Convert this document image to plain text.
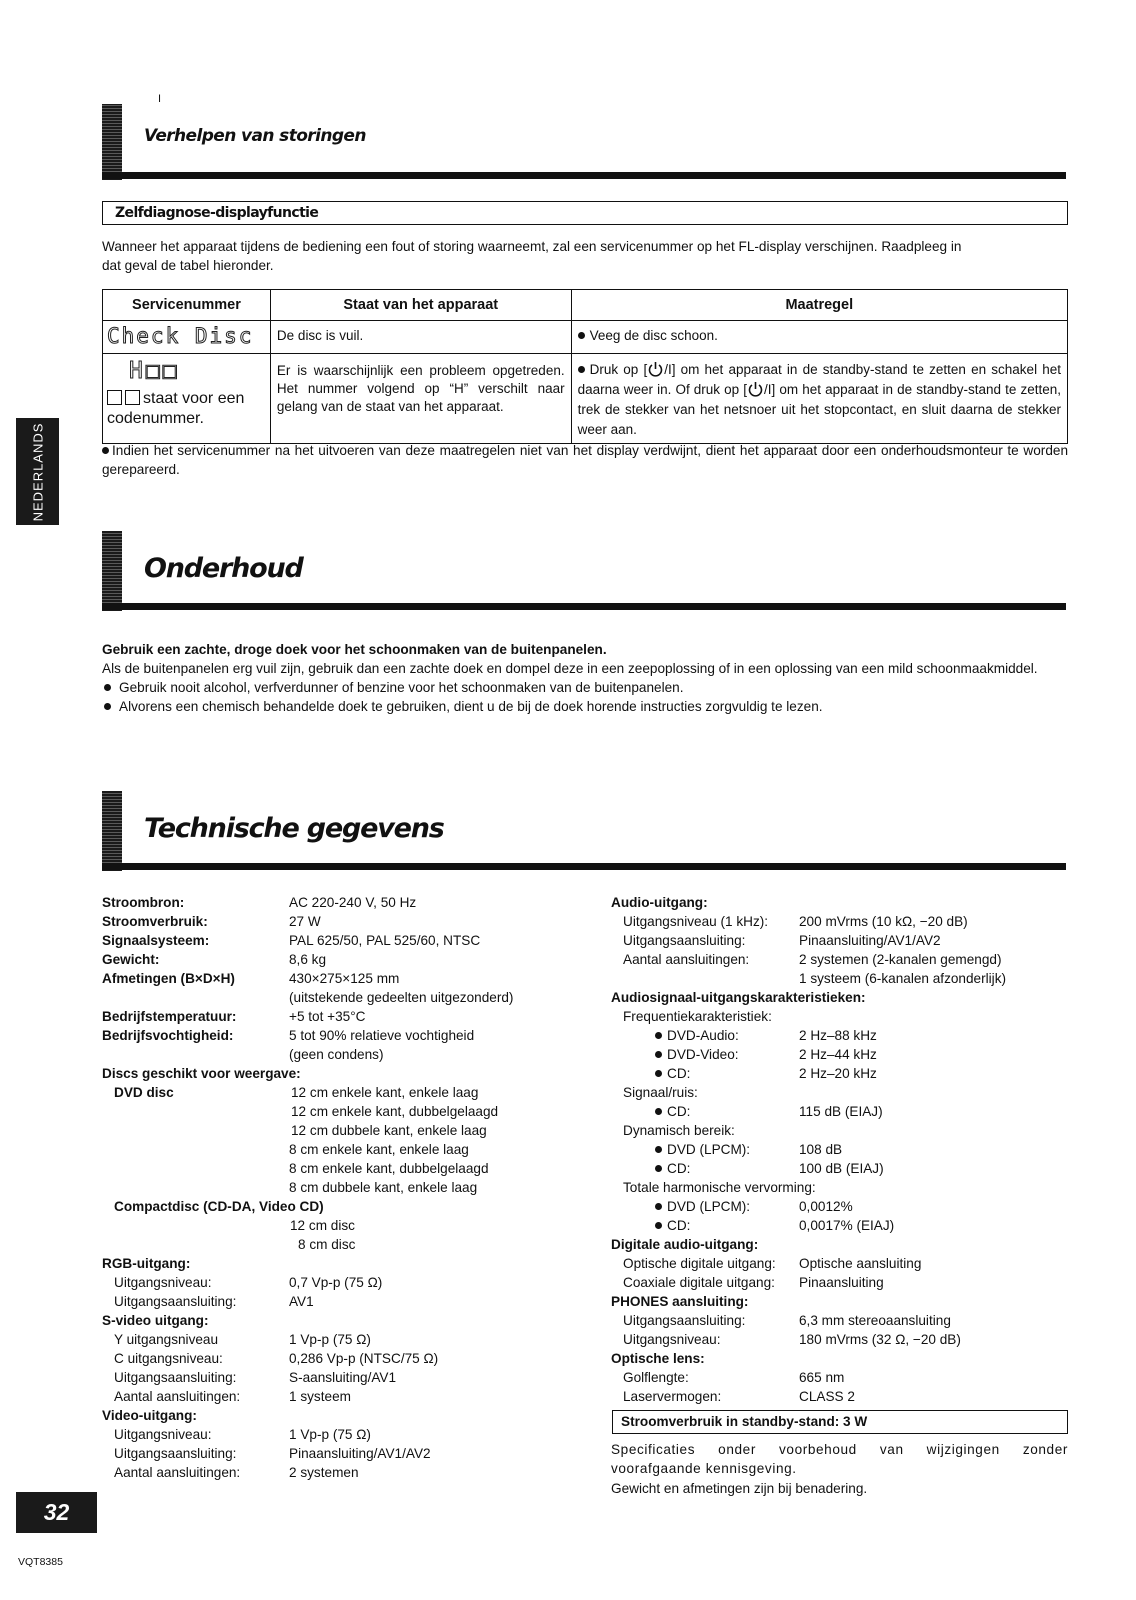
I
Verhelpen van storingen
Zelfdiagnose-displayfunctie

Wanneer het apparaat tijdens de bediening een fout of storing waarneemt, zal een servicenummer op het FL-display verschijnen. Raadpleeg in dat geval de tabel hieronder.

Servicenummer	Staat van het apparaat	Maatregel
Check Disc	De disc is vuil.	Veeg de disc schoon.

H□□
staat voor een codenummer.	Er is waarschijnlijk een probleem opgetreden. Het nummer volgend op “H” verschilt naar gelang van de staat van het apparaat.	Druk op [ /I] om het apparaat in de standby-stand te zetten en schakel het daarna weer in. Of druk op [ /I] om het apparaat in de standby-stand te zetten, trek de stekker van het netsnoer uit het stopcontact, en sluit daarna de stekker weer aan.

Indien het servicenummer na het uitvoeren van deze maatregelen niet van het display verdwijnt, dient het apparaat door een onderhoudsmonteur te worden gerepareerd.

NEDERLANDS
Onderhoud

Gebruik een zachte, droge doek voor het schoonmaken van de buitenpanelen.

Als de buitenpanelen erg vuil zijn, gebruik dan een zachte doek en dompel deze in een zeepoplossing of in een oplossing van een mild schoonmaakmiddel.

Gebruik nooit alcohol, verfverdunner of benzine voor het schoonmaken van de buitenpanelen.

Alvorens een chemisch behandelde doek te gebruiken, dient u de bij de doek horende instructies zorgvuldig te lezen.

Technische gegevens
Stroombron:	AC 220-240 V, 50 Hz
Stroomverbruik:	27 W
Signaalsysteem:	PAL 625/50, PAL 525/60, NTSC
Gewicht:	8,6 kg
Afmetingen (B×D×H)	430×275×125 mm
(uitstekende gedeelten uitgezonderd)
Bedrijfstemperatuur:	+5 tot +35°C
Bedrijfsvochtigheid:	5 tot 90% relatieve vochtigheid
(geen condens)
Discs geschikt voor weergave:
DVD disc	12 cm enkele kant, enkele laag
12 cm enkele kant, dubbelgelaagd
12 cm dubbele kant, enkele laag
8 cm enkele kant, enkele laag
8 cm enkele kant, dubbelgelaagd
8 cm dubbele kant, enkele laag
Compactdisc (CD-DA, Video CD)
12 cm disc
8 cm disc
RGB-uitgang:
Uitgangsniveau:	0,7 Vp-p (75 Ω)
Uitgangsaansluiting:	AV1
S-video uitgang:
Y uitgangsniveau	1 Vp-p (75 Ω)
C uitgangsniveau:	0,286 Vp-p (NTSC/75 Ω)
Uitgangsaansluiting:	S-aansluiting/AV1
Aantal aansluitingen:	1 systeem
Video-uitgang:
Uitgangsniveau:	1 Vp-p (75 Ω)
Uitgangsaansluiting:	Pinaansluiting/AV1/AV2
Aantal aansluitingen:	2 systemen
Audio-uitgang:
Uitgangsniveau (1 kHz): 200 mVrms (10 kΩ, −20 dB)
Uitgangsaansluiting:	Pinaansluiting/AV1/AV2
Aantal aansluitingen:	2 systemen (2-kanalen gemengd)
1 systeem (6-kanalen afzonderlijk)
Audiosignaal-uitgangskarakteristieken:
Frequentiekarakteristiek:
DVD-Audio:	2 Hz–88 kHz
DVD-Video:	2 Hz–44 kHz
CD:	2 Hz–20 kHz
Signaal/ruis:
CD:	115 dB (EIAJ)
Dynamisch bereik:
DVD (LPCM):	108 dB
CD:	100 dB (EIAJ)
Totale harmonische vervorming:
DVD (LPCM):	0,0012%
CD:	0,0017% (EIAJ)
Digitale audio-uitgang:
Optische digitale uitgang: Optische aansluiting
Coaxiale digitale uitgang: Pinaansluiting
PHONES aansluiting:
Uitgangsaansluiting:	6,3 mm stereoaansluiting
Uitgangsniveau:	180 mVrms (32 Ω, −20 dB)
Optische lens:
Golflengte:	665 nm
Laservermogen:	CLASS 2
Stroomverbruik in standby-stand: 3 W

Specificaties onder voorbehoud van wijzigingen zonder voorafgaande kennisgeving.

Gewicht en afmetingen zijn bij benadering.

32
VQT8385
